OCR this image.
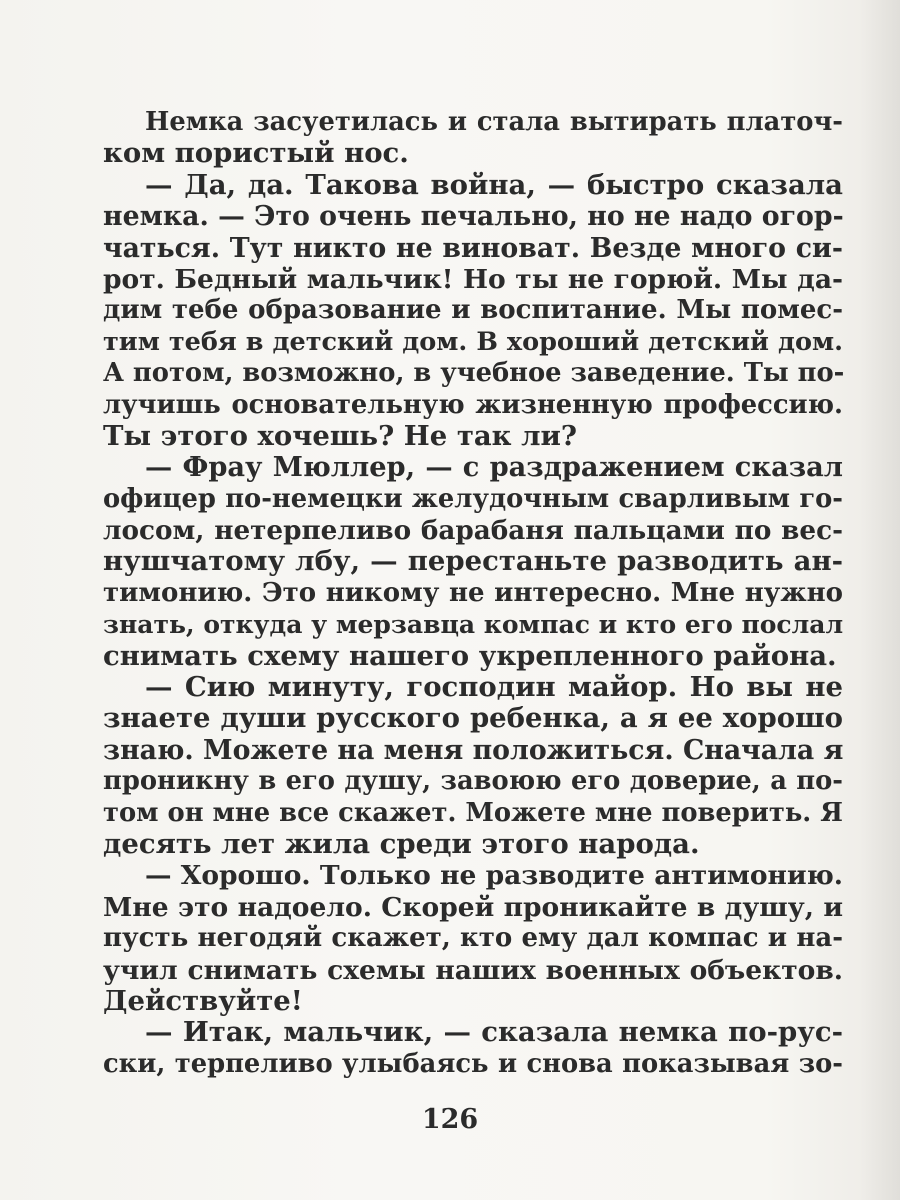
Немка засуетилась и стала вытирать платоч-
ком пористый нос.
— Да, да. Такова война, — быстро сказала
немка. — Это очень печально, но не надо огор-
чаться. Тут никто не виноват. Везде много си-
рот. Бедный мальчик! Но ты не горюй. Мы да-
дим тебе образование и воспитание. Мы помес-
тим тебя в детский дом. В хороший детский дом.
А потом, возможно, в учебное заведение. Ты по-
лучишь основательную жизненную профессию.
Ты этого хочешь? Не так ли?
— Фрау Мюллер, — с раздражением сказал
офицер по-немецки желудочным сварливым го-
лосом, нетерпеливо барабаня пальцами по вес-
нушчатому лбу, — перестаньте разводить ан-
тимонию. Это никому не интересно. Мне нужно
знать, откуда у мерзавца компас и кто его послал
снимать схему нашего укрепленного района.
— Сию минуту, господин майор. Но вы не
знаете души русского ребенка, а я ее хорошо
знаю. Можете на меня положиться. Сначала я
проникну в его душу, завоюю его доверие, а по-
том он мне все скажет. Можете мне поверить. Я
десять лет жила среди этого народа.
— Хорошо. Только не разводите антимонию.
Мне это надоело. Скорей проникайте в душу, и
пусть негодяй скажет, кто ему дал компас и на-
учил снимать схемы наших военных объектов.
Действуйте!
— Итак, мальчик, — сказала немка по-рус-
ски, терпеливо улыбаясь и снова показывая зо-
126
